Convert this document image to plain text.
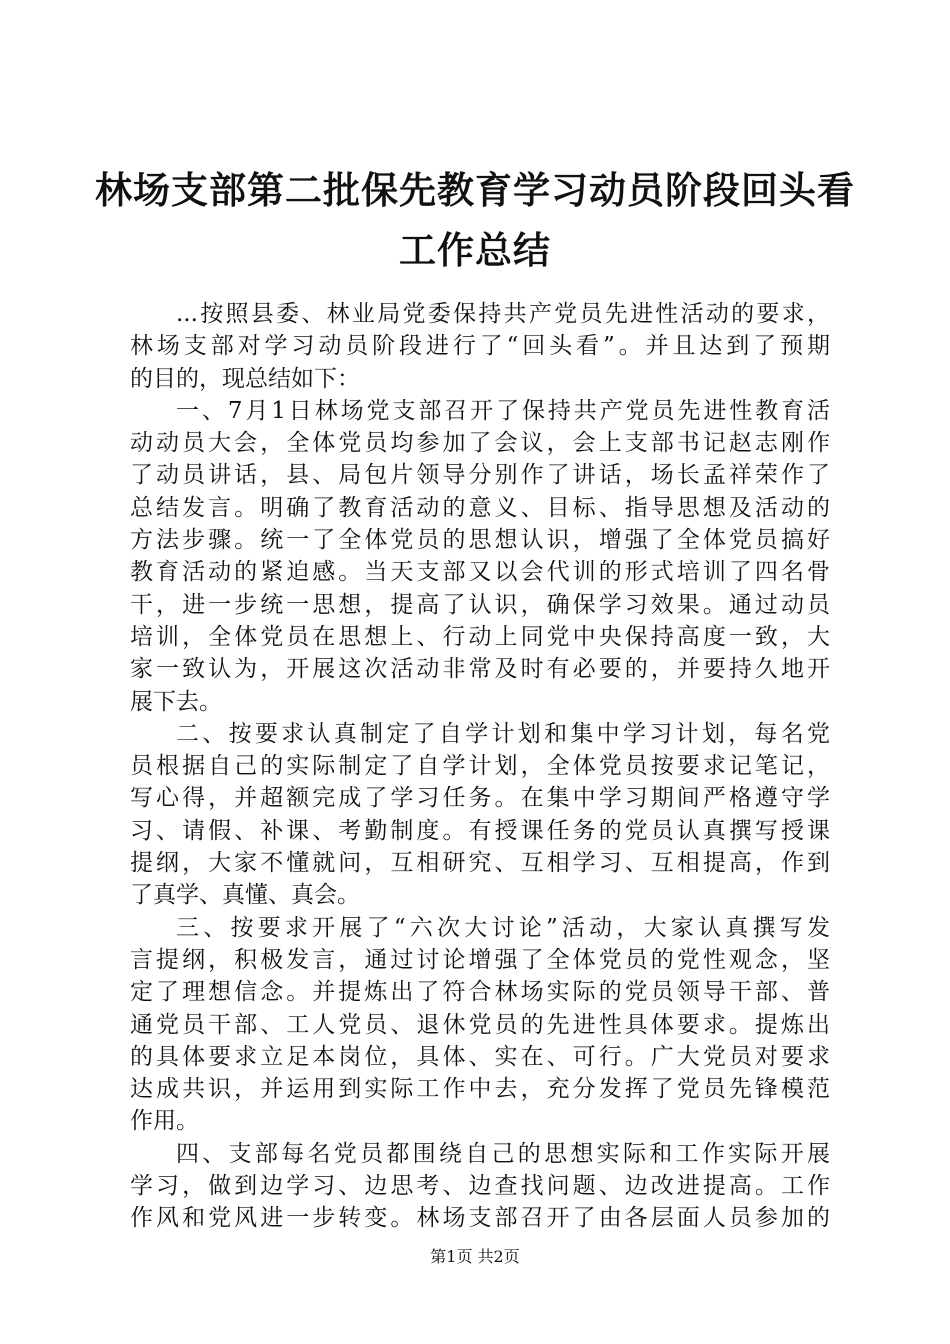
林场支部第二批保先教育学习动员阶段回头看
工作总结
...按照县委、林业局党委保持共产党员先进性活动的要求，
林场支部对学习动员阶段进行了“回头看”。并且达到了预期
的目的，现总结如下：
一、7月1日林场党支部召开了保持共产党员先进性教育活
动动员大会，全体党员均参加了会议，会上支部书记赵志刚作
了动员讲话，县、局包片领导分别作了讲话，场长孟祥荣作了
总结发言。明确了教育活动的意义、目标、指导思想及活动的
方法步骤。统一了全体党员的思想认识，增强了全体党员搞好
教育活动的紧迫感。当天支部又以会代训的形式培训了四名骨
干，进一步统一思想，提高了认识，确保学习效果。通过动员
培训，全体党员在思想上、行动上同党中央保持高度一致，大
家一致认为，开展这次活动非常及时有必要的，并要持久地开
展下去。
二、按要求认真制定了自学计划和集中学习计划，每名党
员根据自己的实际制定了自学计划，全体党员按要求记笔记，
写心得，并超额完成了学习任务。在集中学习期间严格遵守学
习、请假、补课、考勤制度。有授课任务的党员认真撰写授课
提纲，大家不懂就问，互相研究、互相学习、互相提高，作到
了真学、真懂、真会。
三、按要求开展了“六次大讨论”活动，大家认真撰写发
言提纲，积极发言，通过讨论增强了全体党员的党性观念，坚
定了理想信念。并提炼出了符合林场实际的党员领导干部、普
通党员干部、工人党员、退休党员的先进性具体要求。提炼出
的具体要求立足本岗位，具体、实在、可行。广大党员对要求
达成共识，并运用到实际工作中去，充分发挥了党员先锋模范
作用。
四、支部每名党员都围绕自己的思想实际和工作实际开展
学习，做到边学习、边思考、边查找问题、边改进提高。工作
作风和党风进一步转变。林场支部召开了由各层面人员参加的
第1页 共2页
